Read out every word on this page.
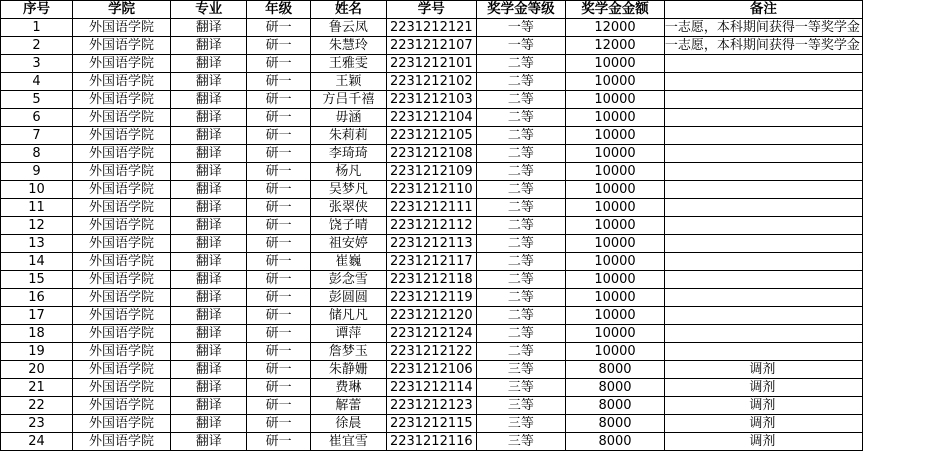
序号	学院	专业	年级	姓名	学号	奖学金等级	奖学金金额	备注	
1	外国语学院	翻译	研一	鲁云凤	2231212121	一等	12000	一志愿，本科期间获得一等奖学金	
2	外国语学院	翻译	研一	朱慧玲	2231212107	一等	12000	一志愿，本科期间获得一等奖学金	
3	外国语学院	翻译	研一	王雅雯	2231212101	二等	10000		
4	外国语学院	翻译	研一	王颖	2231212102	二等	10000		
5	外国语学院	翻译	研一	方吕千禧	2231212103	二等	10000		
6	外国语学院	翻译	研一	毋涵	2231212104	二等	10000		
7	外国语学院	翻译	研一	朱莉莉	2231212105	二等	10000		
8	外国语学院	翻译	研一	李琦琦	2231212108	二等	10000		
9	外国语学院	翻译	研一	杨凡	2231212109	二等	10000		
10	外国语学院	翻译	研一	吴梦凡	2231212110	二等	10000		
11	外国语学院	翻译	研一	张翠侠	2231212111	二等	10000		
12	外国语学院	翻译	研一	饶子晴	2231212112	二等	10000		
13	外国语学院	翻译	研一	祖安婷	2231212113	二等	10000		
14	外国语学院	翻译	研一	崔巍	2231212117	二等	10000		
15	外国语学院	翻译	研一	彭念雪	2231212118	二等	10000		
16	外国语学院	翻译	研一	彭圆圆	2231212119	二等	10000		
17	外国语学院	翻译	研一	储凡凡	2231212120	二等	10000		
18	外国语学院	翻译	研一	谭萍	2231212124	二等	10000		
19	外国语学院	翻译	研一	詹梦玉	2231212122	二等	10000		
20	外国语学院	翻译	研一	朱静姗	2231212106	三等	8000	调剂	
21	外国语学院	翻译	研一	费琳	2231212114	三等	8000	调剂	
22	外国语学院	翻译	研一	解蕾	2231212123	三等	8000	调剂	
23	外国语学院	翻译	研一	徐晨	2231212115	三等	8000	调剂	
24	外国语学院	翻译	研一	崔宜雪	2231212116	三等	8000	调剂	
